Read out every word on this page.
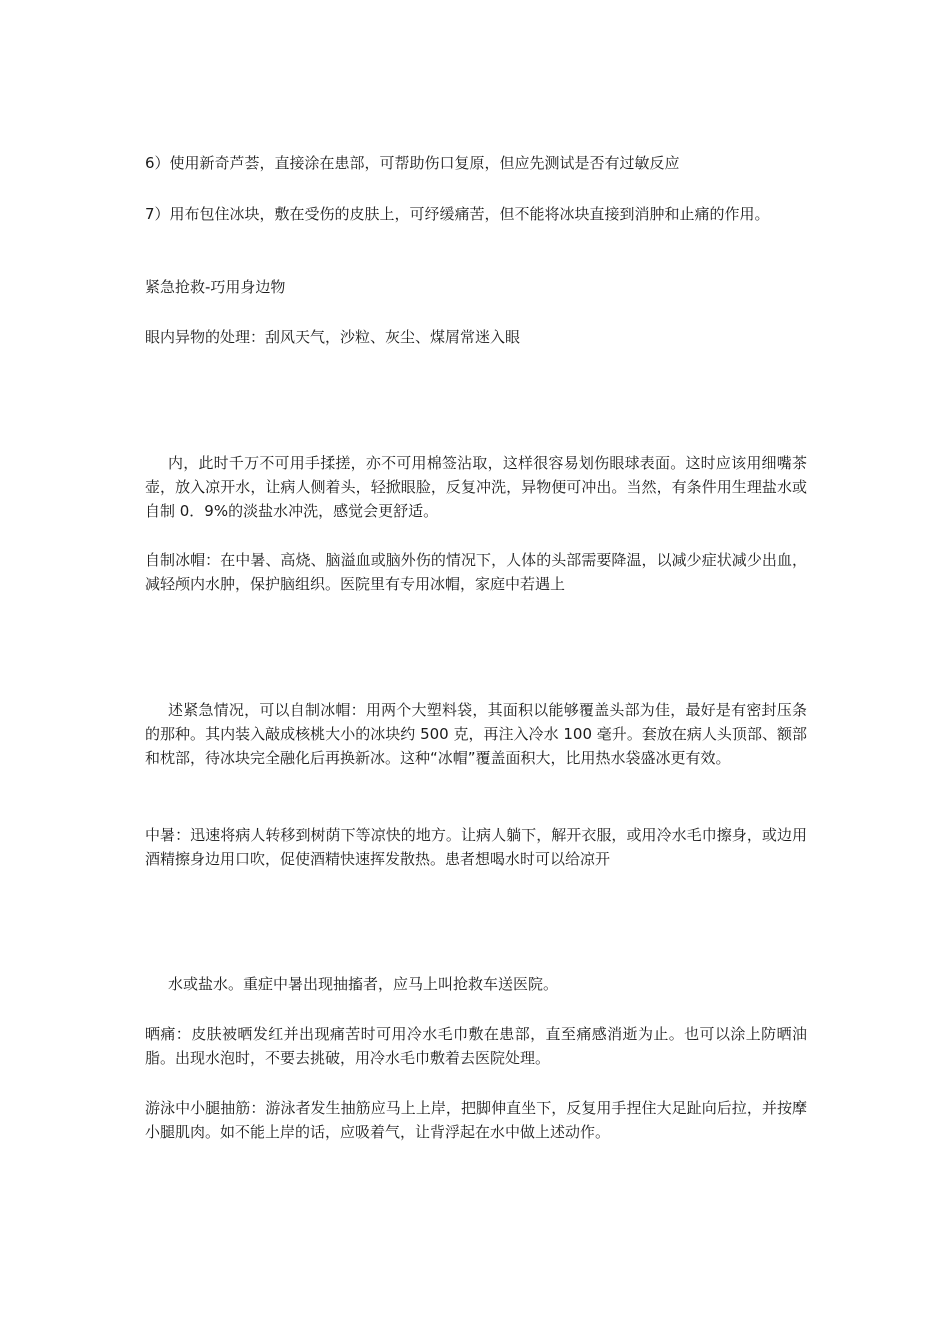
6）使用新奇芦荟，直接涂在患部，可帮助伤口复原，但应先测试是否有过敏反应

7）用布包住冰块，敷在受伤的皮肤上，可纾缓痛苦，但不能将冰块直接到消肿和止痛的作用。

紧急抢救-巧用身边物

眼内异物的处理：刮风天气，沙粒、灰尘、煤屑常迷入眼

内，此时千万不可用手揉搓，亦不可用棉签沾取，这样很容易划伤眼球表面。这时应该用细嘴茶壶，放入凉开水，让病人侧着头，轻掀眼脸，反复冲洗，异物便可冲出。当然，有条件用生理盐水或自制 0．9%的淡盐水冲洗，感觉会更舒适。

自制冰帽：在中暑、高烧、脑溢血或脑外伤的情况下，人体的头部需要降温，以减少症状减少出血，减轻颅内水肿，保护脑组织。医院里有专用冰帽，家庭中若遇上

述紧急情况，可以自制冰帽：用两个大塑料袋，其面积以能够覆盖头部为佳，最好是有密封压条的那种。其内装入敲成核桃大小的冰块约 500 克，再注入冷水 100 毫升。套放在病人头顶部、额部和枕部，待冰块完全融化后再换新冰。这种“冰帽”覆盖面积大，比用热水袋盛冰更有效。

中暑：迅速将病人转移到树荫下等凉快的地方。让病人躺下，解开衣服，或用冷水毛巾擦身，或边用酒精擦身边用口吹，促使酒精快速挥发散热。患者想喝水时可以给凉开

水或盐水。重症中暑出现抽搐者，应马上叫抢救车送医院。

晒痛：皮肤被晒发红并出现痛苦时可用冷水毛巾敷在患部，直至痛感消逝为止。也可以涂上防晒油脂。出现水泡时，不要去挑破，用冷水毛巾敷着去医院处理。

游泳中小腿抽筋：游泳者发生抽筋应马上上岸，把脚伸直坐下，反复用手捏住大足趾向后拉，并按摩小腿肌肉。如不能上岸的话，应吸着气，让背浮起在水中做上述动作。
